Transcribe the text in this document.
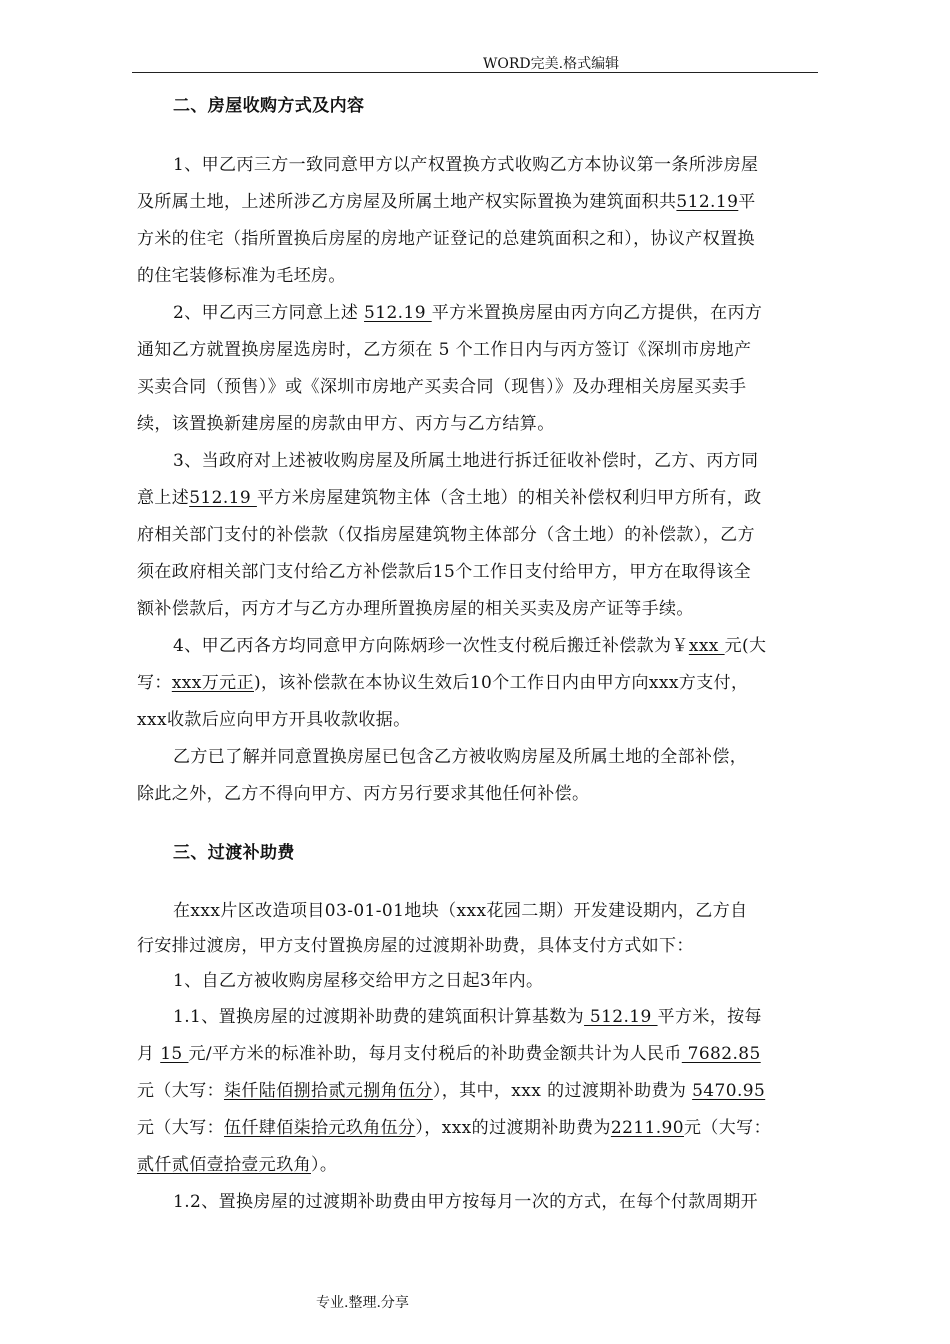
WORD完美.格式编辑
二、房屋收购方式及内容
1、甲乙丙三方一致同意甲方以产权置换方式收购乙方本协议第一条所涉房屋
及所属土地，上述所涉乙方房屋及所属土地产权实际置换为建筑面积共512.19平
方米的住宅（指所置换后房屋的房地产证登记的总建筑面积之和），协议产权置换
的住宅装修标准为毛坯房。
2、甲乙丙三方同意上述 512.19 平方米置换房屋由丙方向乙方提供，在丙方
通知乙方就置换房屋选房时，乙方须在 5 个工作日内与丙方签订《深圳市房地产
买卖合同（预售）》或《深圳市房地产买卖合同（现售）》及办理相关房屋买卖手
续，该置换新建房屋的房款由甲方、丙方与乙方结算。
3、当政府对上述被收购房屋及所属土地进行拆迁征收补偿时，乙方、丙方同
意上述512.19 平方米房屋建筑物主体（含土地）的相关补偿权利归甲方所有，政
府相关部门支付的补偿款（仅指房屋建筑物主体部分（含土地）的补偿款），乙方
须在政府相关部门支付给乙方补偿款后15个工作日支付给甲方，甲方在取得该全
额补偿款后，丙方才与乙方办理所置换房屋的相关买卖及房产证等手续。
4、甲乙丙各方均同意甲方向陈炳珍一次性支付税后搬迁补偿款为￥xxx 元(大
写：xxx万元正)，该补偿款在本协议生效后10个工作日内由甲方向xxx方支付，
xxx收款后应向甲方开具收款收据。
乙方已了解并同意置换房屋已包含乙方被收购房屋及所属土地的全部补偿，
除此之外，乙方不得向甲方、丙方另行要求其他任何补偿。
三、过渡补助费
在xxx片区改造项目03-01-01地块（xxx花园二期）开发建设期内，乙方自
行安排过渡房，甲方支付置换房屋的过渡期补助费，具体支付方式如下：
1、自乙方被收购房屋移交给甲方之日起3年内。
1.1、置换房屋的过渡期补助费的建筑面积计算基数为 512.19 平方米，按每
月 15 元/平方米的标准补助，每月支付税后的补助费金额共计为人民币 7682.85
元（大写：柒仟陆佰捌拾贰元捌角伍分），其中，xxx 的过渡期补助费为 5470.95
元（大写：伍仟肆佰柒拾元玖角伍分），xxx的过渡期补助费为2211.90元（大写：
贰仟贰佰壹拾壹元玖角）。
1.2、置换房屋的过渡期补助费由甲方按每月一次的方式，在每个付款周期开
专业.整理.分享
